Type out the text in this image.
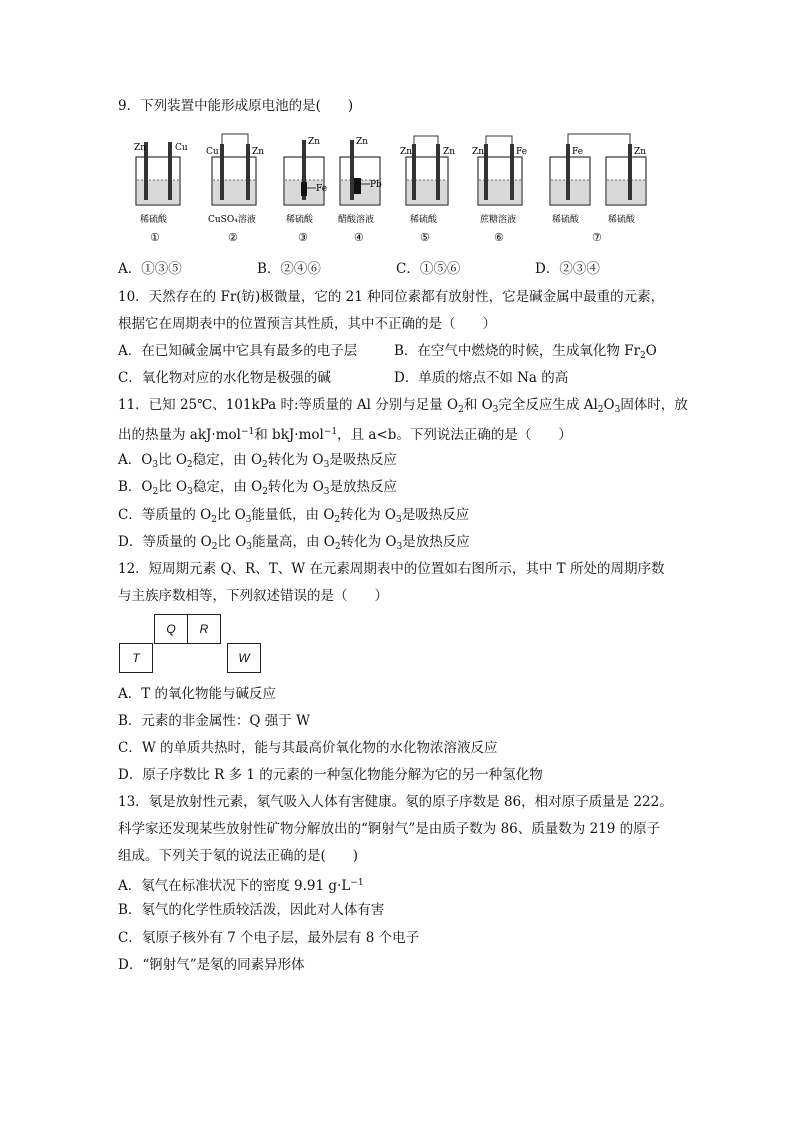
9．下列装置中能形成原电池的是(　　)
Zn	Cu
稀硫酸
①
Cu	Zn
CuSO₄溶液
②
Zn
Fe
稀硫酸
③
Zn
Pb
醋酸溶液
④
Zn	Zn
稀硫酸
⑤
Zn	Fe
蔗糖溶液
⑥
Fe	Zn
稀硫酸	稀硫酸
⑦
A．①③⑤	B．②④⑥	C．①⑤⑥	D．②③④
10．天然存在的 Fr(钫)极微量，它的 21 种同位素都有放射性，它是碱金属中最重的元素，
根据它在周期表中的位置预言其性质，其中不正确的是（　　）
A．在已知碱金属中它具有最多的电子层	B．在空气中燃烧的时候，生成氧化物 $Fr_2O$
C．氧化物对应的水化物是极强的碱	D．单质的熔点不如 Na 的高
11．已知 25℃、101kPa 时:等质量的 Al 分别与足量 $O_2$和 $O_3$完全反应生成 $Al_2O_3$固体时，放
出的热量为 akJ·mol$^{-1}$和 bkJ·mol$^{-1}$，且 a<b。下列说法正确的是（　　）
A．$O_3$比 $O_2$稳定，由 $O_2$转化为 $O_3$是吸热反应
B．$O_2$比 $O_3$稳定，由 $O_2$转化为 $O_3$是放热反应
C．等质量的 $O_2$比 $O_3$能量低，由 $O_2$转化为 $O_3$是吸热反应
D．等质量的 $O_2$比 $O_3$能量高，由 $O_2$转化为 $O_3$是放热反应
12．短周期元素 Q、R、T、W 在元素周期表中的位置如右图所示，其中 T 所处的周期序数
与主族序数相等，下列叙述错误的是（　　）
Q	R
T	W
A．T 的氧化物能与碱反应
B．元素的非金属性：Q 强于 W
C．W 的单质共热时，能与其最高价氧化物的水化物浓溶液反应
D．原子序数比 R 多 1 的元素的一种氢化物能分解为它的另一种氢化物
13．氡是放射性元素，氡气吸入人体有害健康。氡的原子序数是 86，相对原子质量是 222。
科学家还发现某些放射性矿物分解放出的“锕射气”是由质子数为 86、质量数为 219 的原子
组成。下列关于氡的说法正确的是(　　)
A．氡气在标准状况下的密度 9.91 $g\cdot L^{-1}$
B．氡气的化学性质较活泼，因此对人体有害
C．氡原子核外有 7 个电子层，最外层有 8 个电子
D．“锕射气”是氡的同素异形体
